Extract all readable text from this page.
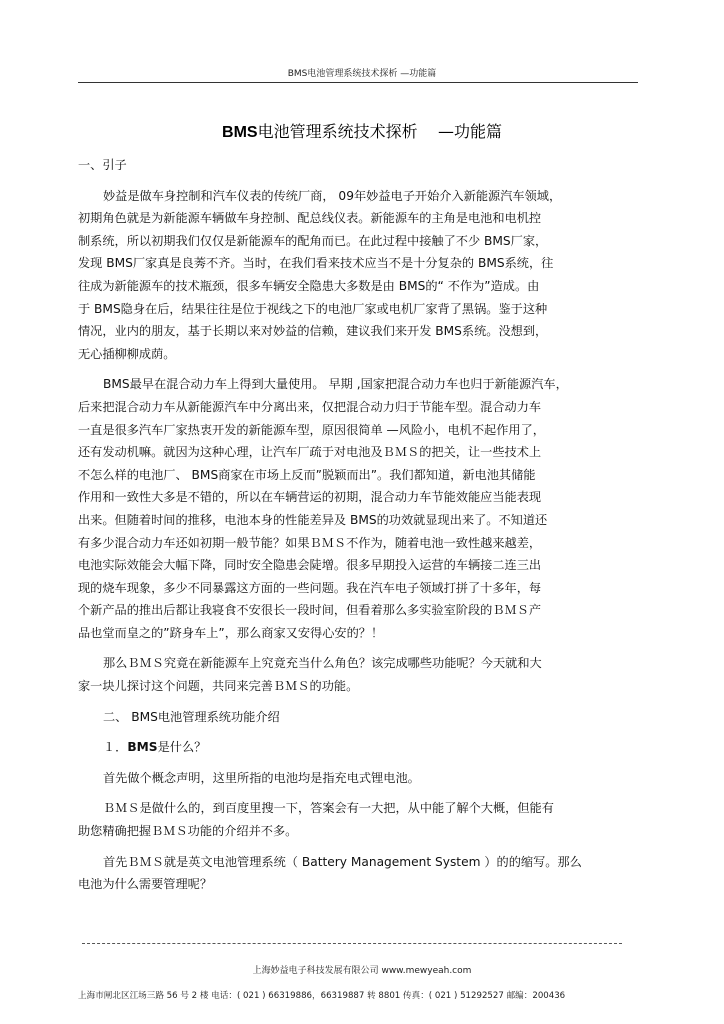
BMS电池管理系统技术探析 —功能篇
BMS电池管理系统技术探析 —功能篇
一、引子
妙益是做车身控制和汽车仪表的传统厂商， 09年妙益电子开始介入新能源汽车领域，
初期角色就是为新能源车辆做车身控制、配总线仪表。新能源车的主角是电池和电机控
制系统，所以初期我们仅仅是新能源车的配角而已。在此过程中接触了不少 BMS厂家，
发现 BMS厂家真是良莠不齐。当时，在我们看来技术应当不是十分复杂的 BMS系统，往
往成为新能源车的技术瓶颈，很多车辆安全隐患大多数是由 BMS的“ 不作为”造成。由
于 BMS隐身在后，结果往往是位于视线之下的电池厂家或电机厂家背了黑锅。鉴于这种
情况，业内的朋友，基于长期以来对妙益的信赖，建议我们来开发 BMS系统。没想到，
无心插柳柳成荫。
BMS最早在混合动力车上得到大量使用。 早期 ,国家把混合动力车也归于新能源汽车，
后来把混合动力车从新能源汽车中分离出来，仅把混合动力归于节能车型。混合动力车
一直是很多汽车厂家热衷开发的新能源车型，原因很简单 —风险小，电机不起作用了，
还有发动机嘛。就因为这种心理，让汽车厂疏于对电池及ＢＭＳ的把关，让一些技术上
不怎么样的电池厂、 BMS商家在市场上反而”脱颖而出”。我们都知道，新电池其储能
作用和一致性大多是不错的，所以在车辆营运的初期，混合动力车节能效能应当能表现
出来。但随着时间的推移，电池本身的性能差异及 BMS的功效就显现出来了。不知道还
有多少混合动力车还如初期一般节能？如果ＢＭＳ不作为，随着电池一致性越来越差，
电池实际效能会大幅下降，同时安全隐患会陡增。很多早期投入运营的车辆接二连三出
现的烧车现象，多少不同暴露这方面的一些问题。我在汽车电子领域打拼了十多年，每
个新产品的推出后都让我寝食不安很长一段时间，但看着那么多实验室阶段的ＢＭＳ产
品也堂而皇之的”跻身车上”，那么商家又安得心安的？！
那么ＢＭＳ究竟在新能源车上究竟充当什么角色？该完成哪些功能呢？今天就和大
家一块儿探讨这个问题，共同来完善ＢＭＳ的功能。
二、 BMS电池管理系统功能介绍
１．BMS是什么？
首先做个概念声明，这里所指的电池均是指充电式锂电池。
ＢＭＳ是做什么的，到百度里搜一下，答案会有一大把，从中能了解个大概，但能有
助您精确把握ＢＭＳ功能的介绍并不多。
首先ＢＭＳ就是英文电池管理系统（ Battery Management System ）的的缩写。那么
电池为什么需要管理呢？
上海妙益电子科技发展有限公司 www.mewyeah.com
上海市闸北区江场三路 56 号 2 楼 电话：( 021 ) 66319886，66319887 转 8801 传真：( 021 ) 51292527 邮编：200436
